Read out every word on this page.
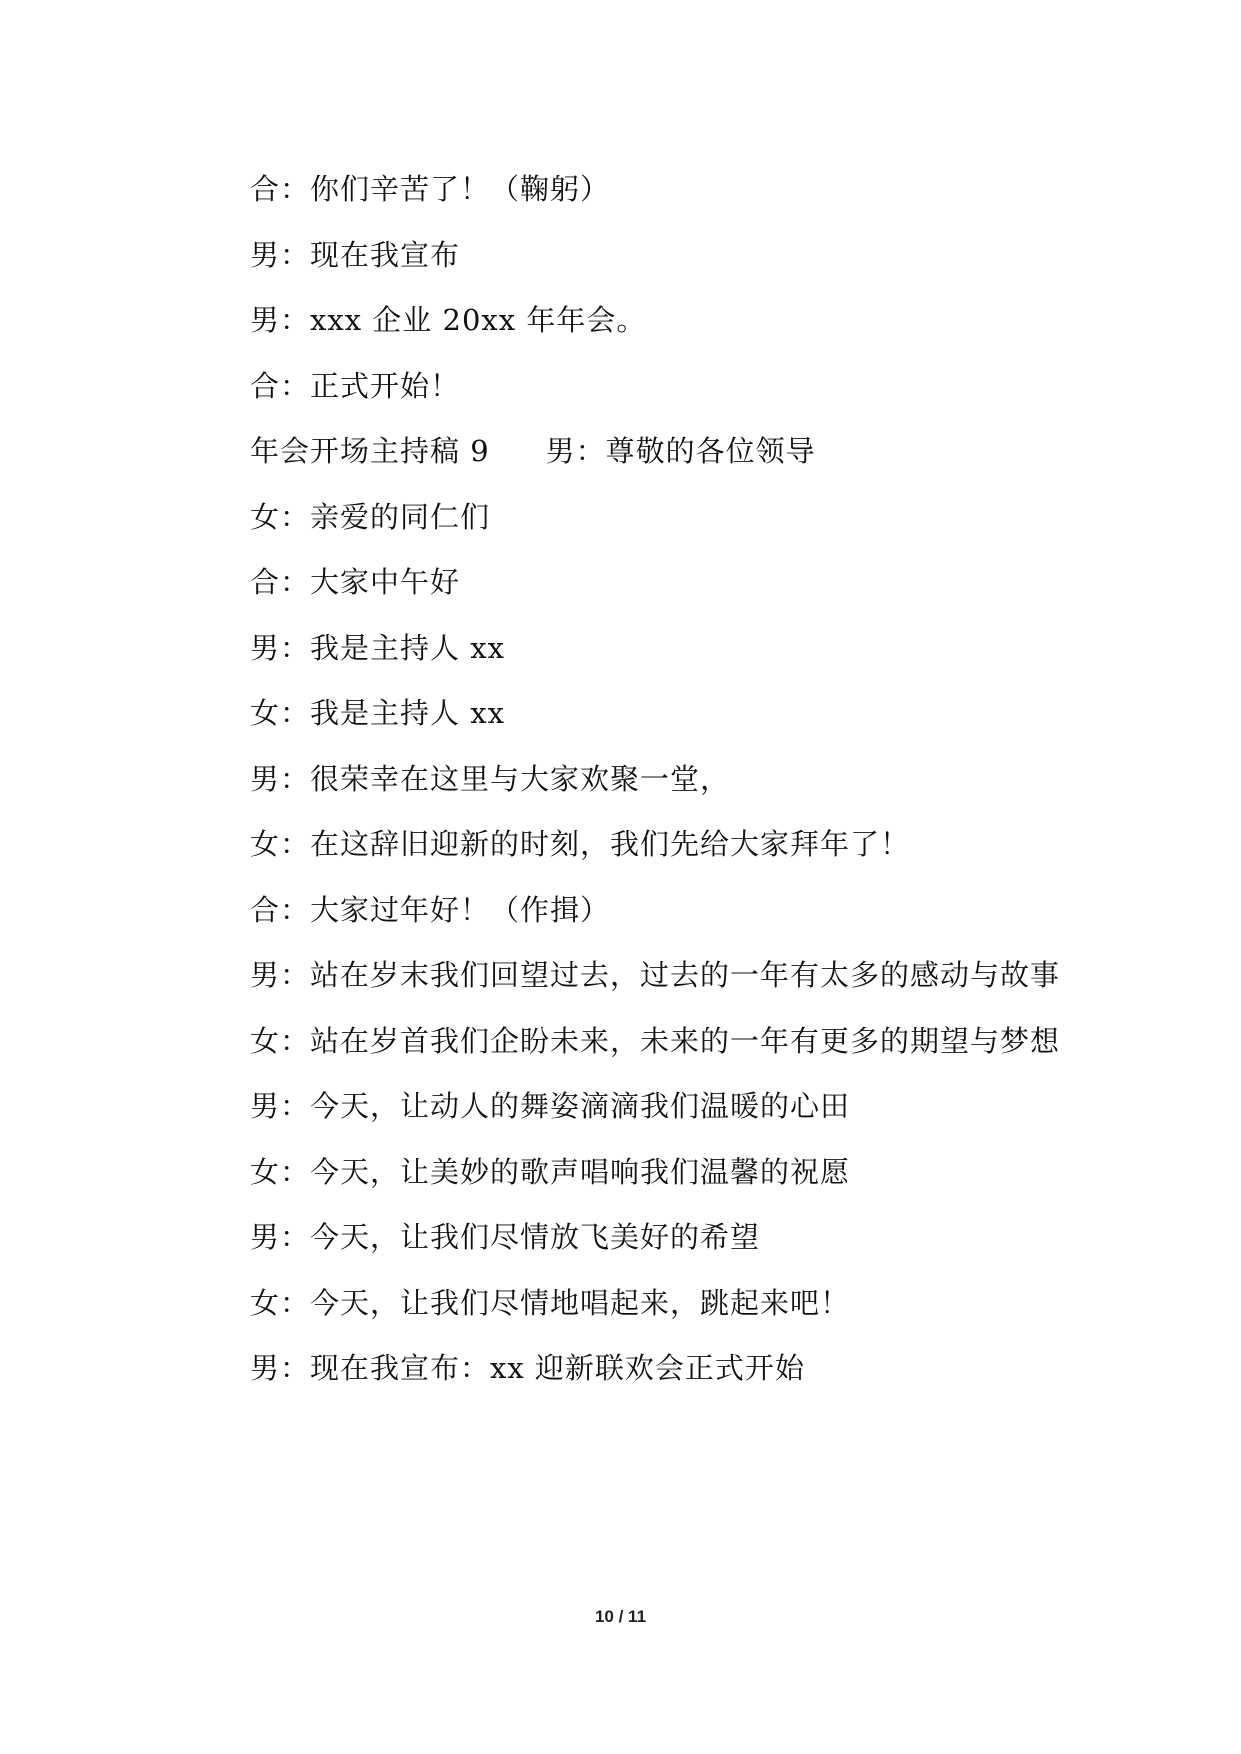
合：你们辛苦了！（鞠躬）
男：现在我宣布
男：xxx 企业 20xx 年年会。
合：正式开始！
年会开场主持稿 9 男：尊敬的各位领导
女：亲爱的同仁们
合：大家中午好
男：我是主持人 xx
女：我是主持人 xx
男：很荣幸在这里与大家欢聚一堂，
女：在这辞旧迎新的时刻，我们先给大家拜年了！
合：大家过年好！（作揖）
男：站在岁末我们回望过去，过去的一年有太多的感动与故事
女：站在岁首我们企盼未来，未来的一年有更多的期望与梦想
男：今天，让动人的舞姿滴滴我们温暖的心田
女：今天，让美妙的歌声唱响我们温馨的祝愿
男：今天，让我们尽情放飞美好的希望
女：今天，让我们尽情地唱起来，跳起来吧！
男：现在我宣布：xx 迎新联欢会正式开始
10 / 11
